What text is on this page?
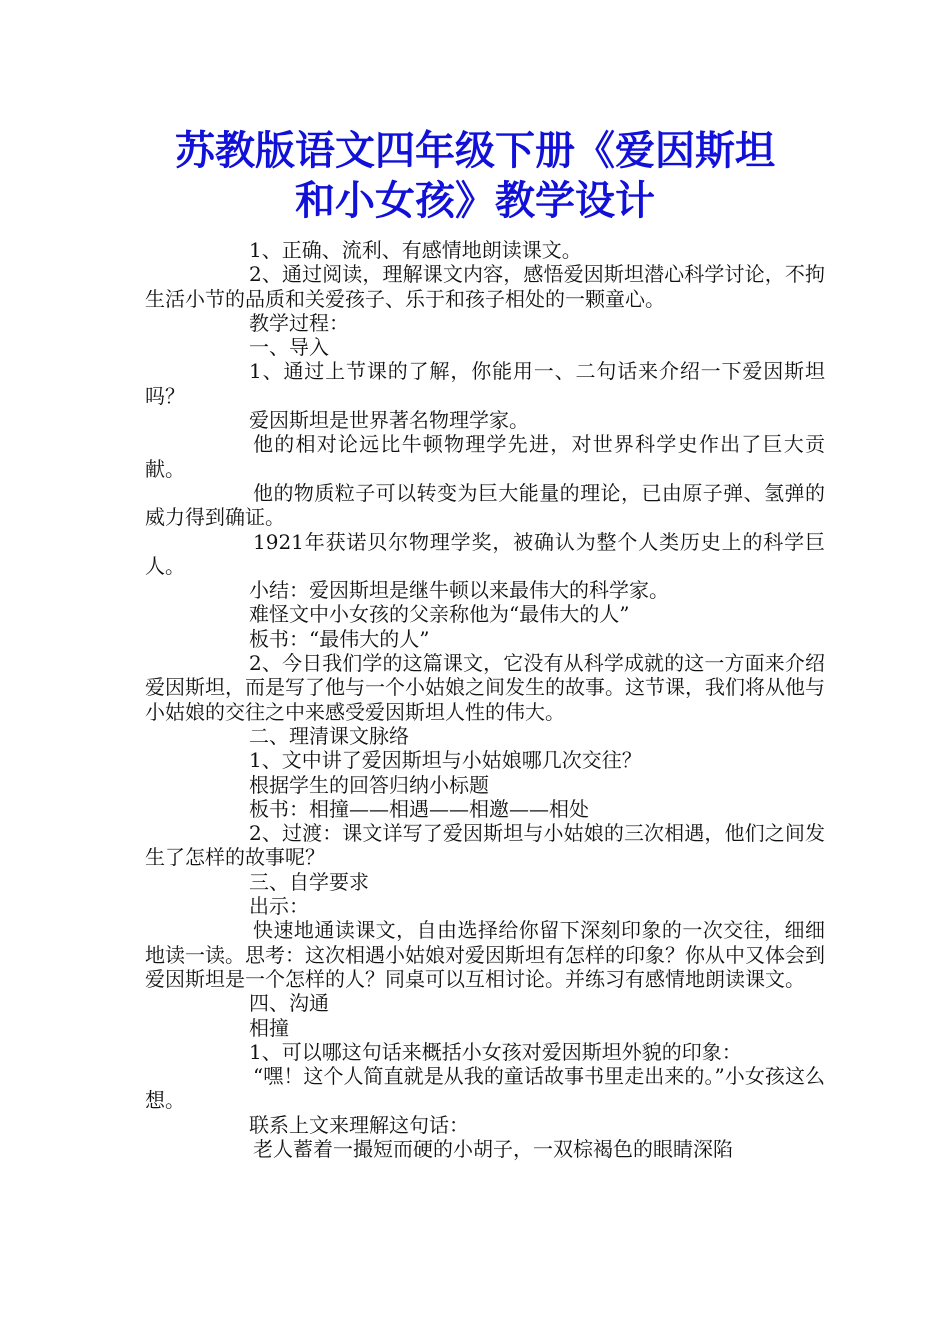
苏教版语文四年级下册《爱因斯坦
和小女孩》教学设计

1、正确、流利、有感情地朗读课文。

2、通过阅读，理解课文内容，感悟爱因斯坦潜心科学讨论，不拘生活小节的品质和关爱孩子、乐于和孩子相处的一颗童心。

教学过程：

一、导入

1、通过上节课的了解，你能用一、二句话来介绍一下爱因斯坦吗？

爱因斯坦是世界著名物理学家。

他的相对论远比牛顿物理学先进，对世界科学史作出了巨大贡献。

他的物质粒子可以转变为巨大能量的理论，已由原子弹、氢弹的威力得到确证。

1921年获诺贝尔物理学奖，被确认为整个人类历史上的科学巨人。

小结：爱因斯坦是继牛顿以来最伟大的科学家。

难怪文中小女孩的父亲称他为“最伟大的人”

板书：“最伟大的人”

2、今日我们学的这篇课文，它没有从科学成就的这一方面来介绍爱因斯坦，而是写了他与一个小姑娘之间发生的故事。这节课，我们将从他与小姑娘的交往之中来感受爱因斯坦人性的伟大。

二、理清课文脉络

1、文中讲了爱因斯坦与小姑娘哪几次交往？

根据学生的回答归纳小标题

板书：相撞——相遇——相邀——相处

2、过渡：课文详写了爱因斯坦与小姑娘的三次相遇，他们之间发生了怎样的故事呢？

三、自学要求

出示：

快速地通读课文，自由选择给你留下深刻印象的一次交往，细细地读一读。思考：这次相遇小姑娘对爱因斯坦有怎样的印象？你从中又体会到爱因斯坦是一个怎样的人？同桌可以互相讨论。并练习有感情地朗读课文。

四、沟通

相撞

1、可以哪这句话来概括小女孩对爱因斯坦外貌的印象：

“嘿！这个人简直就是从我的童话故事书里走出来的。”小女孩这么想。

联系上文来理解这句话：

老人蓄着一撮短而硬的小胡子，一双棕褐色的眼睛深陷
